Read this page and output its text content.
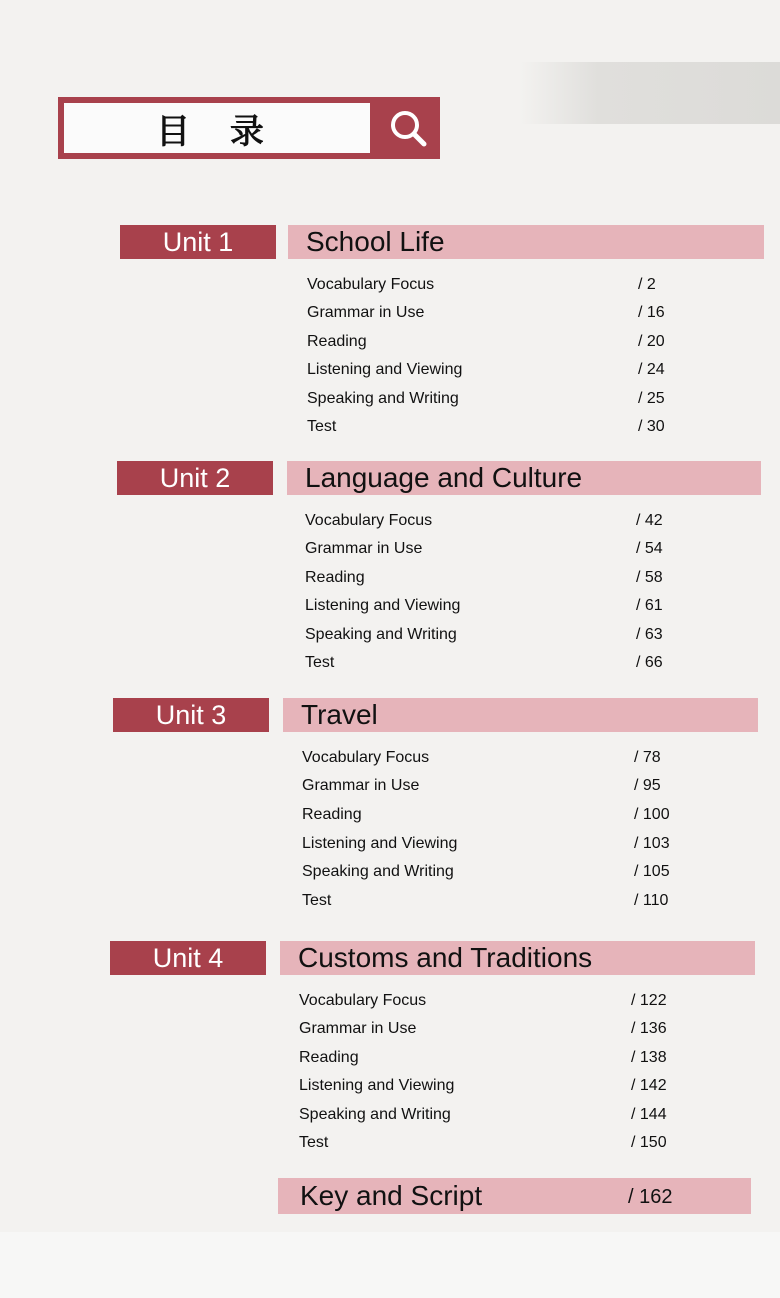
目 录
Unit 1	School Life
Vocabulary Focus	/ 2
Grammar in Use	/ 16
Reading	/ 20
Listening and Viewing	/ 24
Speaking and Writing	/ 25
Test	/ 30
Unit 2	Language and Culture
Vocabulary Focus	/ 42
Grammar in Use	/ 54
Reading	/ 58
Listening and Viewing	/ 61
Speaking and Writing	/ 63
Test	/ 66
Unit 3	Travel
Vocabulary Focus	/ 78
Grammar in Use	/ 95
Reading	/ 100
Listening and Viewing	/ 103
Speaking and Writing	/ 105
Test	/ 110
Unit 4	Customs and Traditions
Vocabulary Focus	/ 122
Grammar in Use	/ 136
Reading	/ 138
Listening and Viewing	/ 142
Speaking and Writing	/ 144
Test	/ 150
Key and Script	/ 162
